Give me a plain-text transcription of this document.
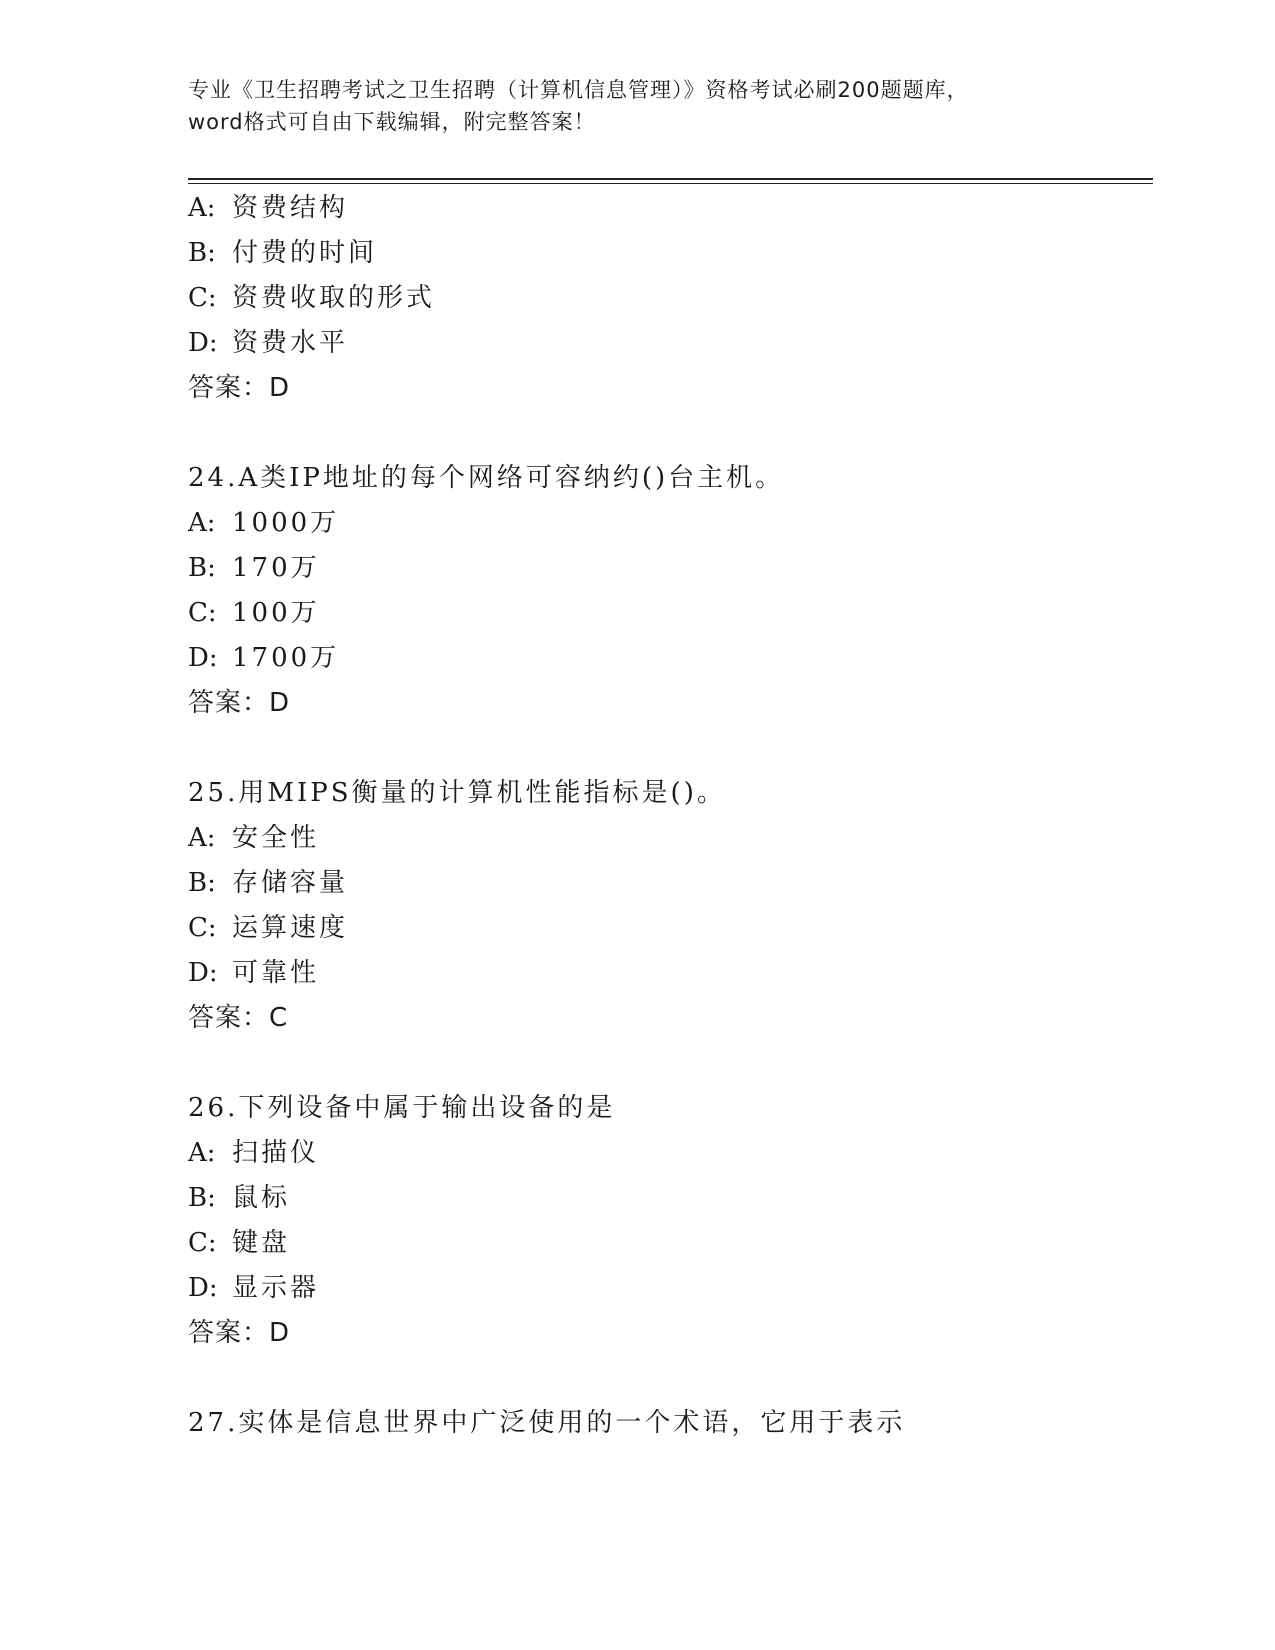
专业《卫生招聘考试之卫生招聘（计算机信息管理）》资格考试必刷200题题库，
word格式可自由下载编辑，附完整答案！
A: 资费结构
B: 付费的时间
C: 资费收取的形式
D: 资费水平
答案：D
24.A类IP地址的每个网络可容纳约()台主机。
A: 1000万
B: 170万
C: 100万
D: 1700万
答案：D
25.用MIPS衡量的计算机性能指标是()。
A: 安全性
B: 存储容量
C: 运算速度
D: 可靠性
答案：C
26.下列设备中属于输出设备的是
A: 扫描仪
B: 鼠标
C: 键盘
D: 显示器
答案：D
27.实体是信息世界中广泛使用的一个术语，它用于表示
